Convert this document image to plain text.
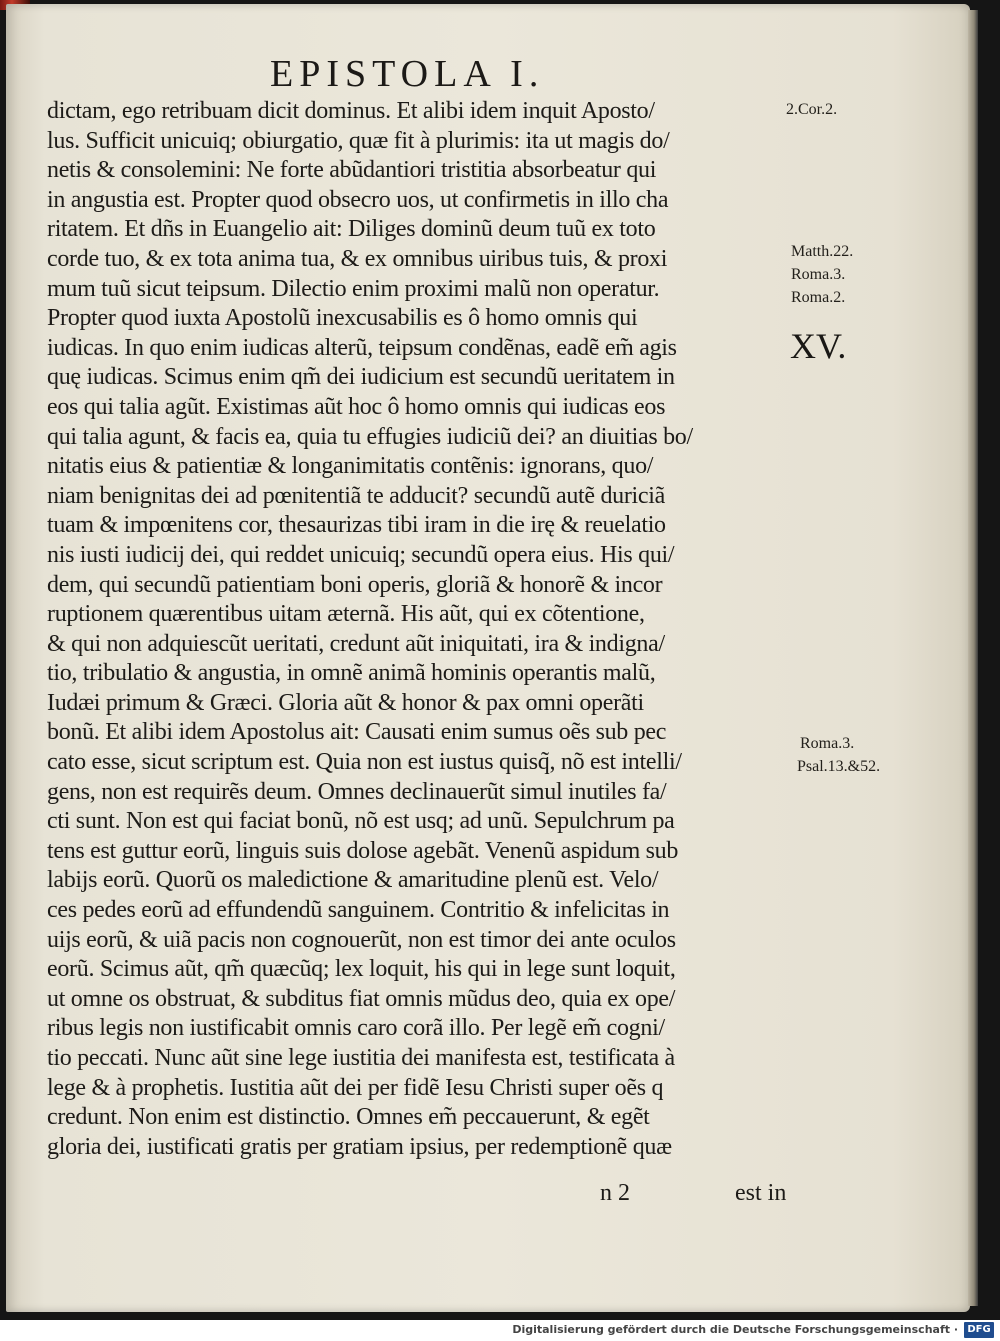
EPISTOLA I.
dictam, ego retribuam dicit dominus. Et alibi idem inquit Aposto/
lus. Sufficit unicuiq; obiurgatio, quæ fit à plurimis: ita ut magis do/
netis & consolemini: Ne forte abũdantiori tristitia absorbeatur qui
in angustia est. Propter quod obsecro uos, ut confirmetis in illo cha
ritatem. Et dñs in Euangelio ait: Diliges dominũ deum tuũ ex toto
corde tuo, & ex tota anima tua, & ex omnibus uiribus tuis, & proxi
mum tuũ sicut teipsum. Dilectio enim proximi malũ non operatur.
Propter quod iuxta Apostolũ inexcusabilis es ô homo omnis qui
iudicas. In quo enim iudicas alterũ, teipsum condẽnas, eadẽ em̃ agis
quę iudicas. Scimus enim qm̃ dei iudicium est secundũ ueritatem in
eos qui talia agũt. Existimas aũt hoc ô homo omnis qui iudicas eos
qui talia agunt, & facis ea, quia tu effugies iudiciũ dei? an diuitias bo/
nitatis eius & patientiæ & longanimitatis contẽnis: ignorans, quo/
niam benignitas dei ad pœnitentiã te adducit? secundũ autẽ duriciã
tuam & impœnitens cor, thesaurizas tibi iram in die irę & reuelatio
nis iusti iudicij dei, qui reddet unicuiq; secundũ opera eius. His qui/
dem, qui secundũ patientiam boni operis, gloriã & honorẽ & incor
ruptionem quærentibus uitam æternã. His aũt, qui ex cõtentione,
& qui non adquiescũt ueritati, credunt aũt iniquitati, ira & indigna/
tio, tribulatio & angustia, in omnẽ animã hominis operantis malũ,
Iudæi primum & Græci. Gloria aũt & honor & pax omni operãti
bonũ. Et alibi idem Apostolus ait: Causati enim sumus oẽs sub pec
cato esse, sicut scriptum est. Quia non est iustus quisq̃, nõ est intelli/
gens, non est requirẽs deum. Omnes declinauerũt simul inutiles fa/
cti sunt. Non est qui faciat bonũ, nõ est usq; ad unũ. Sepulchrum pa
tens est guttur eorũ, linguis suis dolose agebãt. Venenũ aspidum sub
labijs eorũ. Quorũ os maledictione & amaritudine plenũ est. Velo/
ces pedes eorũ ad effundendũ sanguinem. Contritio & infelicitas in
uijs eorũ, & uiã pacis non cognouerũt, non est timor dei ante oculos
eorũ. Scimus aũt, qm̃ quæcũq; lex loquit, his qui in lege sunt loquit,
ut omne os obstruat, & subditus fiat omnis mũdus deo, quia ex ope/
ribus legis non iustificabit omnis caro corã illo. Per legẽ em̃ cogni/
tio peccati. Nunc aũt sine lege iustitia dei manifesta est, testificata à
lege & à prophetis. Iustitia aũt dei per fidẽ Iesu Christi super oẽs q
credunt. Non enim est distinctio. Omnes em̃ peccauerunt, & egẽt
gloria dei, iustificati gratis per gratiam ipsius, per redemptionẽ quæ
2.Cor.2.
Matth.22.
Roma.3.
Roma.2.
XV.
Roma.3.
Psal.13.&52.
n 2	est in
Digitalisierung gefördert durch die Deutsche Forschungsgemeinschaft · DFG
